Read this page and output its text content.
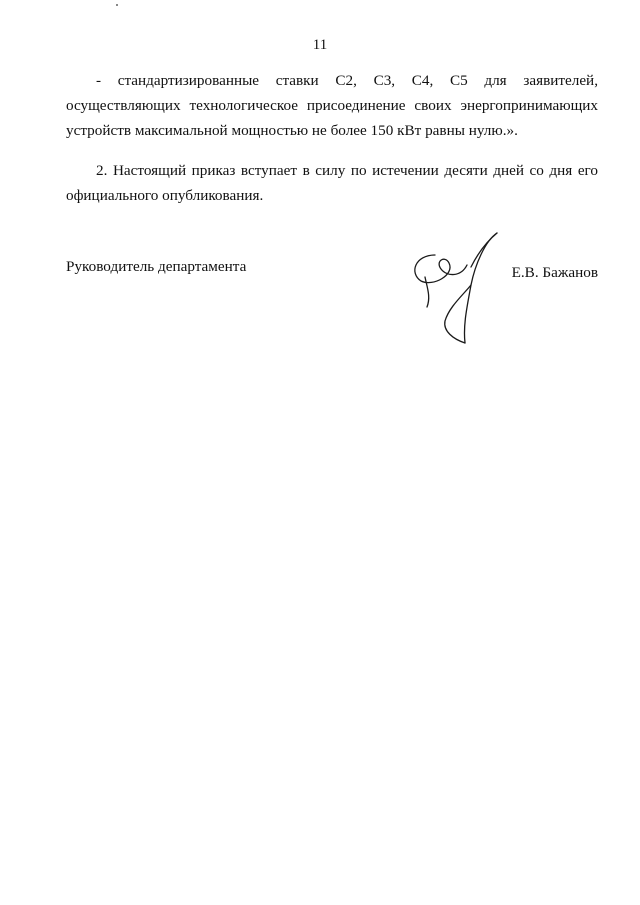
11
- стандартизированные ставки С2, С3, С4, С5 для заявителей, осуществляющих технологическое присоединение своих энергопринимающих устройств максимальной мощностью не более 150 кВт равны нулю.».
2. Настоящий приказ вступает в силу по истечении десяти дней со дня его официального опубликования.
Руководитель департамента	Е.В. Бажанов
